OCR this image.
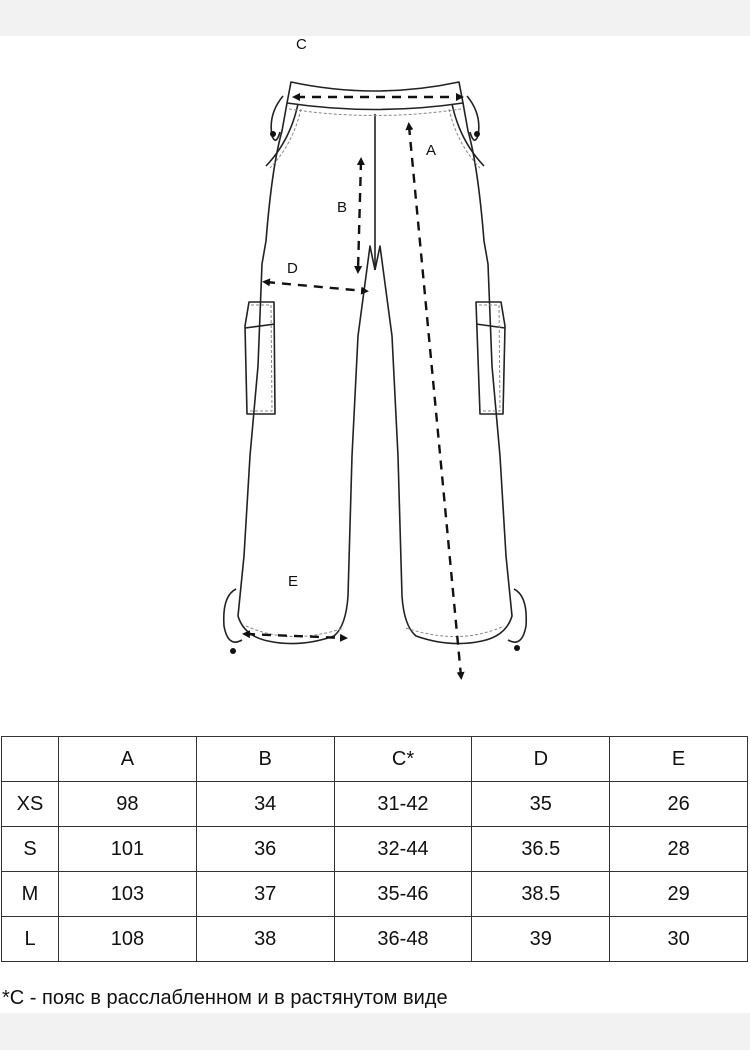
C
A
B
D
E
	A	B	C*	D	E
XS	98	34	31-42	35	26
S	101	36	32-44	36.5	28
M	103	37	35-46	38.5	29
L	108	38	36-48	39	30
*C - пояс в расслабленном и в растянутом виде
